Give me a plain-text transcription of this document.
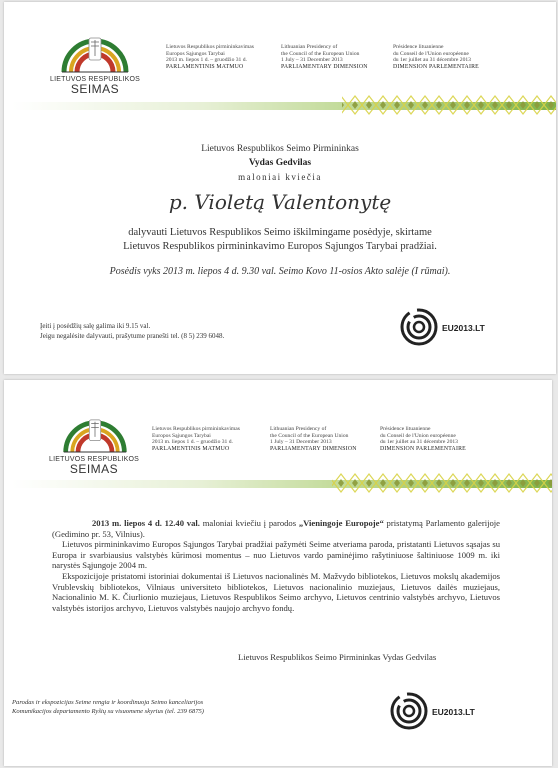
LIETUVOS RESPUBLIKOS
SEIMAS
Lietuvos Respublikos pirmininkavimas
Europos Sąjungos Tarybai
2013 m. liepos 1 d. – gruodžio 31 d.
PARLAMENTINIS MATMUO
Lithuanian Presidency of
the Council of the European Union
1 July – 31 December 2013
PARLIAMENTARY DIMENSION
Présidence lituanienne
du Conseil de l'Union européenne
du 1er juillet au 31 décembre 2013
DIMENSION PARLEMENTAIRE
Lietuvos Respublikos Seimo Pirmininkas
Vydas Gedvilas
maloniai kviečia
p. Violetą Valentonytę
dalyvauti Lietuvos Respublikos Seimo iškilmingame posėdyje, skirtame
Lietuvos Respublikos pirmininkavimo Europos Sąjungos Tarybai pradžiai.
Posėdis vyks 2013 m. liepos 4 d. 9.30 val. Seimo Kovo 11-osios Akto salėje (I rūmai).
Įeiti į posėdžių salę galima iki 9.15 val.
Jeigu negalėsite dalyvauti, prašytume pranešti tel. (8 5) 239 6048.
EU2013.LT
LIETUVOS RESPUBLIKOS
SEIMAS
Lietuvos Respublikos pirmininkavimas
Europos Sąjungos Tarybai
2013 m. liepos 1 d. – gruodžio 31 d.
PARLAMENTINIS MATMUO
Lithuanian Presidency of
the Council of the European Union
1 July – 31 December 2013
PARLIAMENTARY DIMENSION
Présidence lituanienne
du Conseil de l'Union européenne
du 1er juillet au 31 décembre 2013
DIMENSION PARLEMENTAIRE

2013 m. liepos 4 d. 12.40 val. maloniai kviečiu į parodos „Vieningoje Europoje“ pristatymą Parlamento galerijoje (Gedimino pr. 53, Vilnius).

Lietuvos pirmininkavimo Europos Sąjungos Tarybai pradžiai pažymėti Seime atveriama paroda, pristatanti Lietuvos sąsajas su Europa ir svarbiausius valstybės kūrimosi momentus – nuo Lietuvos vardo paminėjimo rašytiniuose šaltiniuose 1009 m. iki narystės Sąjungoje 2004 m.

Ekspozicijoje pristatomi istoriniai dokumentai iš Lietuvos nacionalinės M. Mažvydo bibliotekos, Lietuvos mokslų akademijos Vrublevskių bibliotekos, Vilniaus universiteto bibliotekos, Lietuvos nacionalinio muziejaus, Lietuvos dailės muziejaus, Nacionalinio M. K. Čiurlionio muziejaus, Lietuvos Respublikos Seimo archyvo, Lietuvos centrinio valstybės archyvo, Lietuvos valstybės istorijos archyvo, Lietuvos valstybės naujojo archyvo fondų.

Lietuvos Respublikos Seimo Pirmininkas Vydas Gedvilas
Parodas ir ekspozicijas Seime rengia ir koordinuoja Seimo kanceliarijos
Komunikacijos departamento Ryšių su visuomene skyrius (tel. 239 6875)	EU2013.LT
